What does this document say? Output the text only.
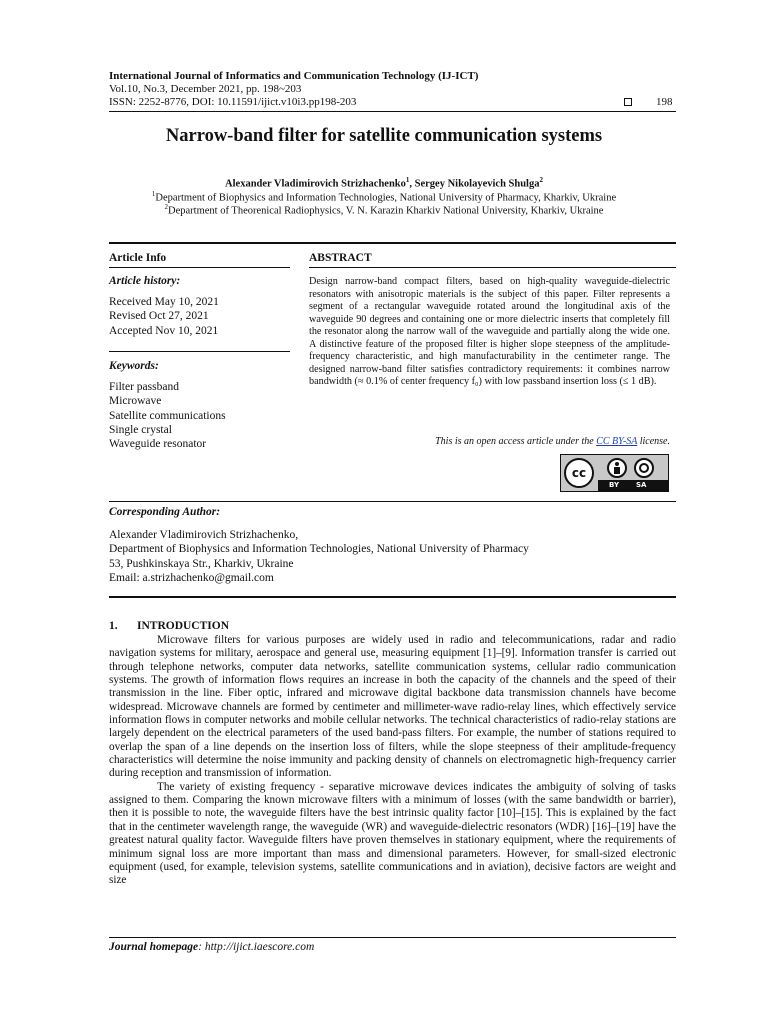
International Journal of Informatics and Communication Technology (IJ-ICT)
Vol.10, No.3, December 2021, pp. 198~203
ISSN: 2252-8776, DOI: 10.11591/ijict.v10i3.pp198-203	198
Narrow-band filter for satellite communication systems
Alexander Vladimirovich Strizhachenko$^1$, Sergey Nikolayevich Shulga$^2$
$^1$Department of Biophysics and Information Technologies, National University of Pharmacy, Kharkiv, Ukraine
$^2$Department of Theorenical Radiophysics, V. N. Karazin Kharkiv National University, Kharkiv, Ukraine
Article Info
Article history:
Received May 10, 2021
Revised Oct 27, 2021
Accepted Nov 10, 2021
Keywords:
Filter passband
Microwave
Satellite communications
Single crystal
Waveguide resonator
ABSTRACT
Design narrow-band compact filters, based on high-quality waveguide-dielectric resonators with anisotropic materials is the subject of this paper. Filter represents a segment of a rectangular waveguide rotated around the longitudinal axis of the waveguide 90 degrees and containing one or more dielectric inserts that completely fill the resonator along the narrow wall of the waveguide and partially along the wide one. A distinctive feature of the proposed filter is higher slope steepness of the amplitude-frequency characteristic, and high manufacturability in the centimeter range. The designed narrow-band filter satisfies contradictory requirements: it combines narrow bandwidth (≈ 0.1% of center frequency f₀) with low passband insertion loss (≤ 1 dB).
This is an open access article under the CC BY-SA license.
cc
BY SA
Corresponding Author:
Alexander Vladimirovich Strizhachenko,
Department of Biophysics and Information Technologies, National University of Pharmacy
53, Pushkinskaya Str., Kharkiv, Ukraine
Email: a.strizhachenko@gmail.com
1. INTRODUCTION

Microwave filters for various purposes are widely used in radio and telecommunications, radar and radio navigation systems for military, aerospace and general use, measuring equipment [1]–[9]. Information transfer is carried out through telephone networks, computer data networks, satellite communication systems, cellular radio communication systems. The growth of information flows requires an increase in both the capacity of the channels and the speed of their transmission in the line. Fiber optic, infrared and microwave digital backbone data transmission channels have become widespread. Microwave channels are formed by centimeter and millimeter-wave radio-relay lines, which effectively service information flows in computer networks and mobile cellular networks. The technical characteristics of radio-relay stations are largely dependent on the electrical parameters of the used band-pass filters. For example, the number of stations required to overlap the span of a line depends on the insertion loss of filters, while the slope steepness of their amplitude-frequency characteristics will determine the noise immunity and packing density of channels on electromagnetic high-frequency carrier during reception and transmission of information.

The variety of existing frequency - separative microwave devices indicates the ambiguity of solving of tasks assigned to them. Comparing the known microwave filters with a minimum of losses (with the same bandwidth or barrier), then it is possible to note, the waveguide filters have the best intrinsic quality factor [10]–[15]. This is explained by the fact that in the centimeter wavelength range, the waveguide (WR) and waveguide-dielectric resonators (WDR) [16]–[19] have the greatest natural quality factor. Waveguide filters have proven themselves in stationary equipment, where the requirements of minimum signal loss are more important than mass and dimensional parameters. However, for small-sized electronic equipment (used, for example, television systems, satellite communications and in aviation), decisive factors are weight and size

Journal homepage: http://ijict.iaescore.com
